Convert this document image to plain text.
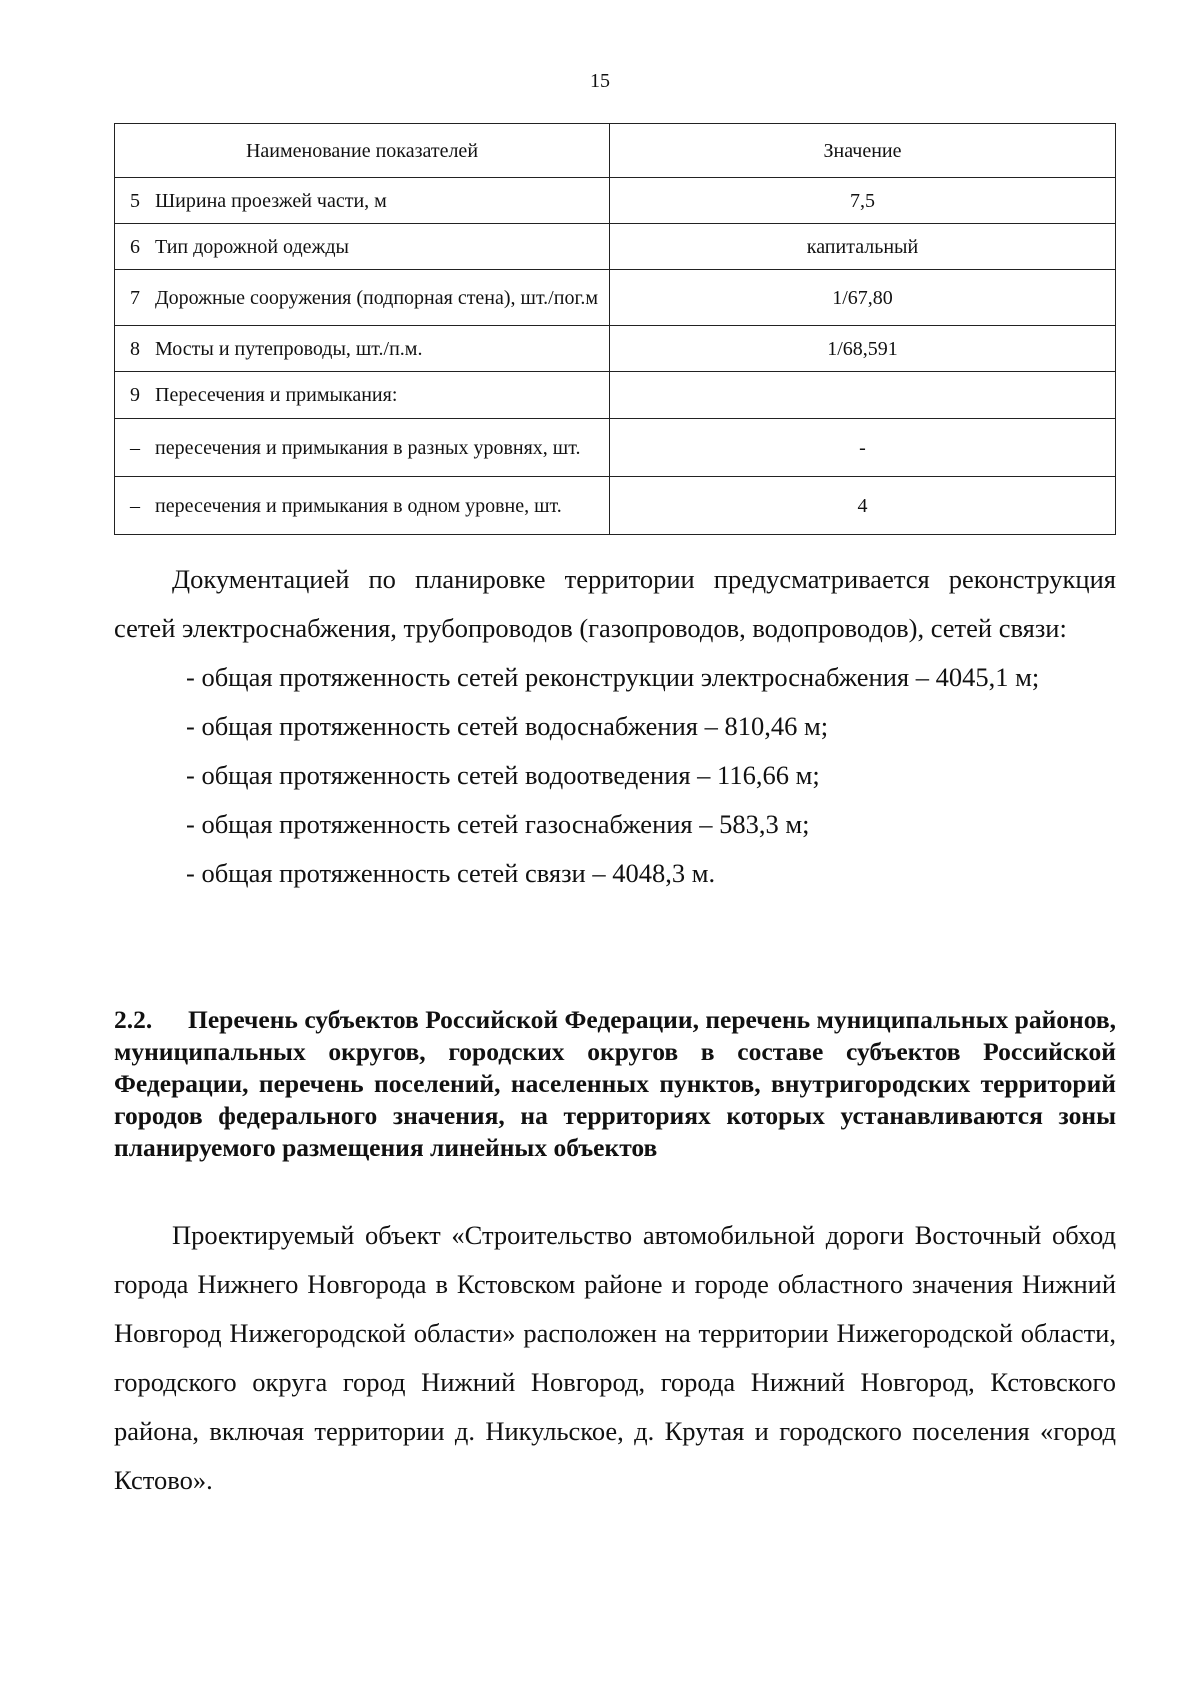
15
Наименование показателей	Значение

5 Ширина проезжей части, м	7,5

6 Тип дорожной одежды	капитальный

7 Дорожные сооружения (подпорная стена), шт./пог.м	1/67,80

8 Мосты и путепроводы, шт./п.м.	1/68,591

9 Пересечения и примыкания:	

– пересечения и примыкания в разных уровнях, шт.	-

– пересечения и примыкания в одном уровне, шт.	4

Документацией по планировке территории предусматривается реконструкция сетей электроснабжения, трубопроводов (газопроводов, водопроводов), сетей связи:

- общая протяженность сетей реконструкции электроснабжения – 4045,1 м;
- общая протяженность сетей водоснабжения – 810,46 м;
- общая протяженность сетей водоотведения – 116,66 м;
- общая протяженность сетей газоснабжения – 583,3 м;
- общая протяженность сетей связи – 4048,3 м.
2.2. Перечень субъектов Российской Федерации, перечень муниципальных районов, муниципальных округов, городских округов в составе субъектов Российской Федерации, перечень поселений, населенных пунктов, внутригородских территорий городов федерального значения, на территориях которых устанавливаются зоны планируемого размещения линейных объектов

Проектируемый объект «Строительство автомобильной дороги Восточный обход города Нижнего Новгорода в Кстовском районе и городе областного значения Нижний Новгород Нижегородской области» расположен на территории Нижегородской области, городского округа город Нижний Новгород, города Нижний Новгород, Кстовского района, включая территории д. Никульское, д. Крутая и городского поселения «город Кстово».
